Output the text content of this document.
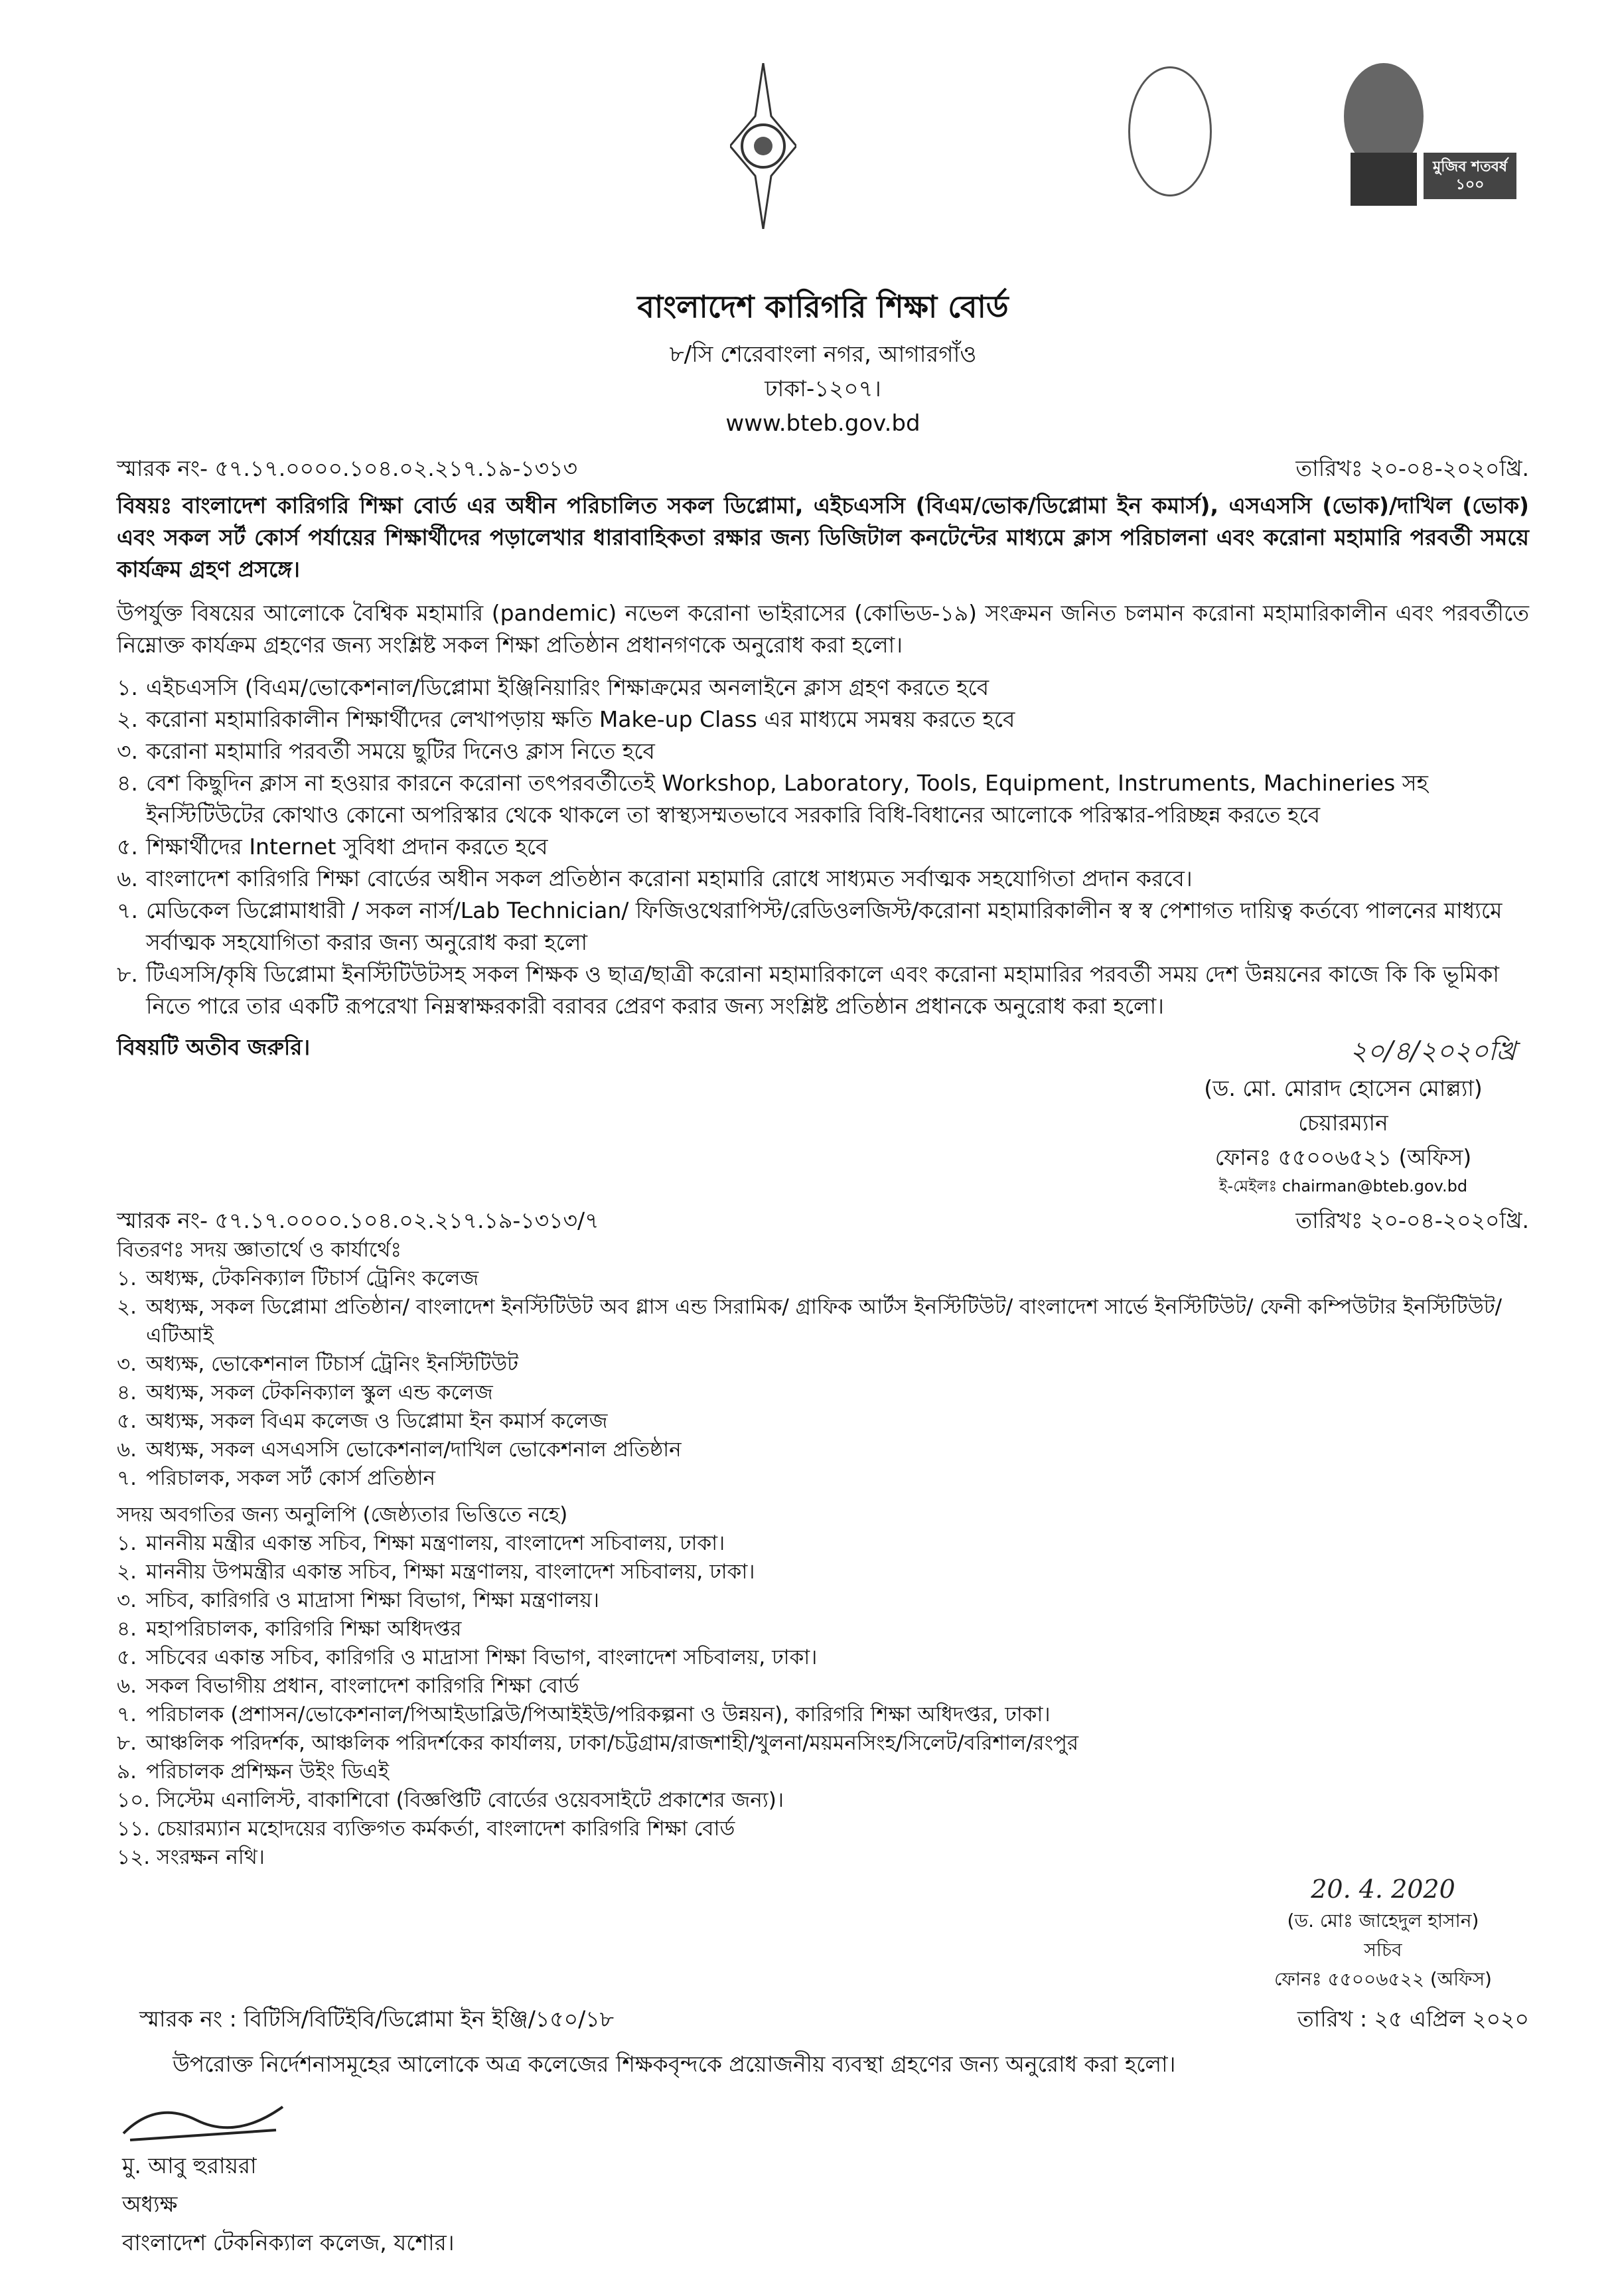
মুজিব শতবর্ষ ১০০
বাংলাদেশ কারিগরি শিক্ষা বোর্ড
৮/সি শেরেবাংলা নগর, আগারগাঁও
ঢাকা-১২০৭।
www.bteb.gov.bd
স্মারক নং- ৫৭.১৭.০০০০.১০৪.০২.২১৭.১৯-১৩১৩	তারিখঃ ২০-০৪-২০২০খ্রি.

বিষয়ঃ বাংলাদেশ কারিগরি শিক্ষা বোর্ড এর অধীন পরিচালিত সকল ডিপ্লোমা, এইচএসসি (বিএম/ভোক/ডিপ্লোমা ইন কমার্স), এসএসসি (ভোক)/দাখিল (ভোক) এবং সকল সর্ট কোর্স পর্যায়ের শিক্ষার্থীদের পড়ালেখার ধারাবাহিকতা রক্ষার জন্য ডিজিটাল কনটেন্টের মাধ্যমে ক্লাস পরিচালনা এবং করোনা মহামারি পরবর্তী সময়ে কার্যক্রম গ্রহণ প্রসঙ্গে।

উপর্যুক্ত বিষয়ের আলোকে বৈশ্বিক মহামারি (pandemic) নভেল করোনা ভাইরাসের (কোভিড-১৯) সংক্রমন জনিত চলমান করোনা মহামারিকালীন এবং পরবর্তীতে নিম্নোক্ত কার্যক্রম গ্রহণের জন্য সংশ্লিষ্ট সকল শিক্ষা প্রতিষ্ঠান প্রধানগণকে অনুরোধ করা হলো।

১. এইচএসসি (বিএম/ভোকেশনাল/ডিপ্লোমা ইঞ্জিনিয়ারিং শিক্ষাক্রমের অনলাইনে ক্লাস গ্রহণ করতে হবে
২. করোনা মহামারিকালীন শিক্ষার্থীদের লেখাপড়ায় ক্ষতি Make-up Class এর মাধ্যমে সমন্বয় করতে হবে
৩. করোনা মহামারি পরবর্তী সময়ে ছুটির দিনেও ক্লাস নিতে হবে
৪. বেশ কিছুদিন ক্লাস না হওয়ার কারনে করোনা তৎপরবর্তীতেই Workshop, Laboratory, Tools, Equipment, Instruments, Machineries সহ ইনস্টিটিউটের কোথাও কোনো অপরিস্কার থেকে থাকলে তা স্বাস্থ্যসম্মতভাবে সরকারি বিধি-বিধানের আলোকে পরিস্কার-পরিচ্ছন্ন করতে হবে
৫. শিক্ষার্থীদের Internet সুবিধা প্রদান করতে হবে
৬. বাংলাদেশ কারিগরি শিক্ষা বোর্ডের অধীন সকল প্রতিষ্ঠান করোনা মহামারি রোধে সাধ্যমত সর্বাত্মক সহযোগিতা প্রদান করবে।
৭. মেডিকেল ডিপ্লোমাধারী / সকল নার্স/Lab Technician/ ফিজিওথেরাপিস্ট/রেডিওলজিস্ট/করোনা মহামারিকালীন স্ব স্ব পেশাগত দায়িত্ব কর্তব্যে পালনের মাধ্যমে সর্বাত্মক সহযোগিতা করার জন্য অনুরোধ করা হলো
৮. টিএসসি/কৃষি ডিপ্লোমা ইনস্টিটিউটসহ সকল শিক্ষক ও ছাত্র/ছাত্রী করোনা মহামারিকালে এবং করোনা মহামারির পরবর্তী সময় দেশ উন্নয়নের কাজে কি কি ভূমিকা নিতে পারে তার একটি রূপরেখা নিম্নস্বাক্ষরকারী বরাবর প্রেরণ করার জন্য সংশ্লিষ্ট প্রতিষ্ঠান প্রধানকে অনুরোধ করা হলো।
বিষয়টি অতীব জরুরি।	২০/৪/২০২০খ্রি
(ড. মো. মোরাদ হোসেন মোল্ল্যা)
চেয়ারম্যান
ফোনঃ ৫৫০০৬৫২১ (অফিস)
ই-মেইলঃ chairman@bteb.gov.bd
স্মারক নং- ৫৭.১৭.০০০০.১০৪.০২.২১৭.১৯-১৩১৩/৭	তারিখঃ ২০-০৪-২০২০খ্রি.

বিতরণঃ সদয় জ্ঞাতার্থে ও কার্যার্থেঃ

১. অধ্যক্ষ, টেকনিক্যাল টিচার্স ট্রেনিং কলেজ
২. অধ্যক্ষ, সকল ডিপ্লোমা প্রতিষ্ঠান/ বাংলাদেশ ইনস্টিটিউট অব গ্লাস এন্ড সিরামিক/ গ্রাফিক আর্টস ইনস্টিটিউট/ বাংলাদেশ সার্ভে ইনস্টিটিউট/ ফেনী কম্পিউটার ইনস্টিটিউট/ এটিআই
৩. অধ্যক্ষ, ভোকেশনাল টিচার্স ট্রেনিং ইনস্টিটিউট
৪. অধ্যক্ষ, সকল টেকনিক্যাল স্কুল এন্ড কলেজ
৫. অধ্যক্ষ, সকল বিএম কলেজ ও ডিপ্লোমা ইন কমার্স কলেজ
৬. অধ্যক্ষ, সকল এসএসসি ভোকেশনাল/দাখিল ভোকেশনাল প্রতিষ্ঠান
৭. পরিচালক, সকল সর্ট কোর্স প্রতিষ্ঠান

সদয় অবগতির জন্য অনুলিপি (জেষ্ঠ্যতার ভিত্তিতে নহে)

১. মাননীয় মন্ত্রীর একান্ত সচিব, শিক্ষা মন্ত্রণালয়, বাংলাদেশ সচিবালয়, ঢাকা।
২. মাননীয় উপমন্ত্রীর একান্ত সচিব, শিক্ষা মন্ত্রণালয়, বাংলাদেশ সচিবালয়, ঢাকা।
৩. সচিব, কারিগরি ও মাদ্রাসা শিক্ষা বিভাগ, শিক্ষা মন্ত্রণালয়।
৪. মহাপরিচালক, কারিগরি শিক্ষা অধিদপ্তর
৫. সচিবের একান্ত সচিব, কারিগরি ও মাদ্রাসা শিক্ষা বিভাগ, বাংলাদেশ সচিবালয়, ঢাকা।
৬. সকল বিভাগীয় প্রধান, বাংলাদেশ কারিগরি শিক্ষা বোর্ড
৭. পরিচালক (প্রশাসন/ভোকেশনাল/পিআইডাব্লিউ/পিআইইউ/পরিকল্পনা ও উন্নয়ন), কারিগরি শিক্ষা অধিদপ্তর, ঢাকা।
৮. আঞ্চলিক পরিদর্শক, আঞ্চলিক পরিদর্শকের কার্যালয়, ঢাকা/চট্টগ্রাম/রাজশাহী/খুলনা/ময়মনসিংহ/সিলেট/বরিশাল/রংপুর
৯. পরিচালক প্রশিক্ষন উইং ডিএই
১০. সিস্টেম এনালিস্ট, বাকাশিবো (বিজ্ঞপ্তিটি বোর্ডের ওয়েবসাইটে প্রকাশের জন্য)।
১১. চেয়ারম্যান মহোদয়ের ব্যক্তিগত কর্মকর্তা, বাংলাদেশ কারিগরি শিক্ষা বোর্ড
১২. সংরক্ষন নথি।
20. 4. 2020
(ড. মোঃ জাহেদুল হাসান)
সচিব
ফোনঃ ৫৫০০৬৫২২ (অফিস)
স্মারক নং : বিটিসি/বিটিইবি/ডিপ্লোমা ইন ইঞ্জি/১৫০/১৮	তারিখ : ২৫ এপ্রিল ২০২০
উপরোক্ত নির্দেশনাসমূহের আলোকে অত্র কলেজের শিক্ষকবৃন্দকে প্রয়োজনীয় ব্যবস্থা গ্রহণের জন্য অনুরোধ করা হলো।
মু. আবু হুরায়রা
অধ্যক্ষ
বাংলাদেশ টেকনিক্যাল কলেজ, যশোর।
